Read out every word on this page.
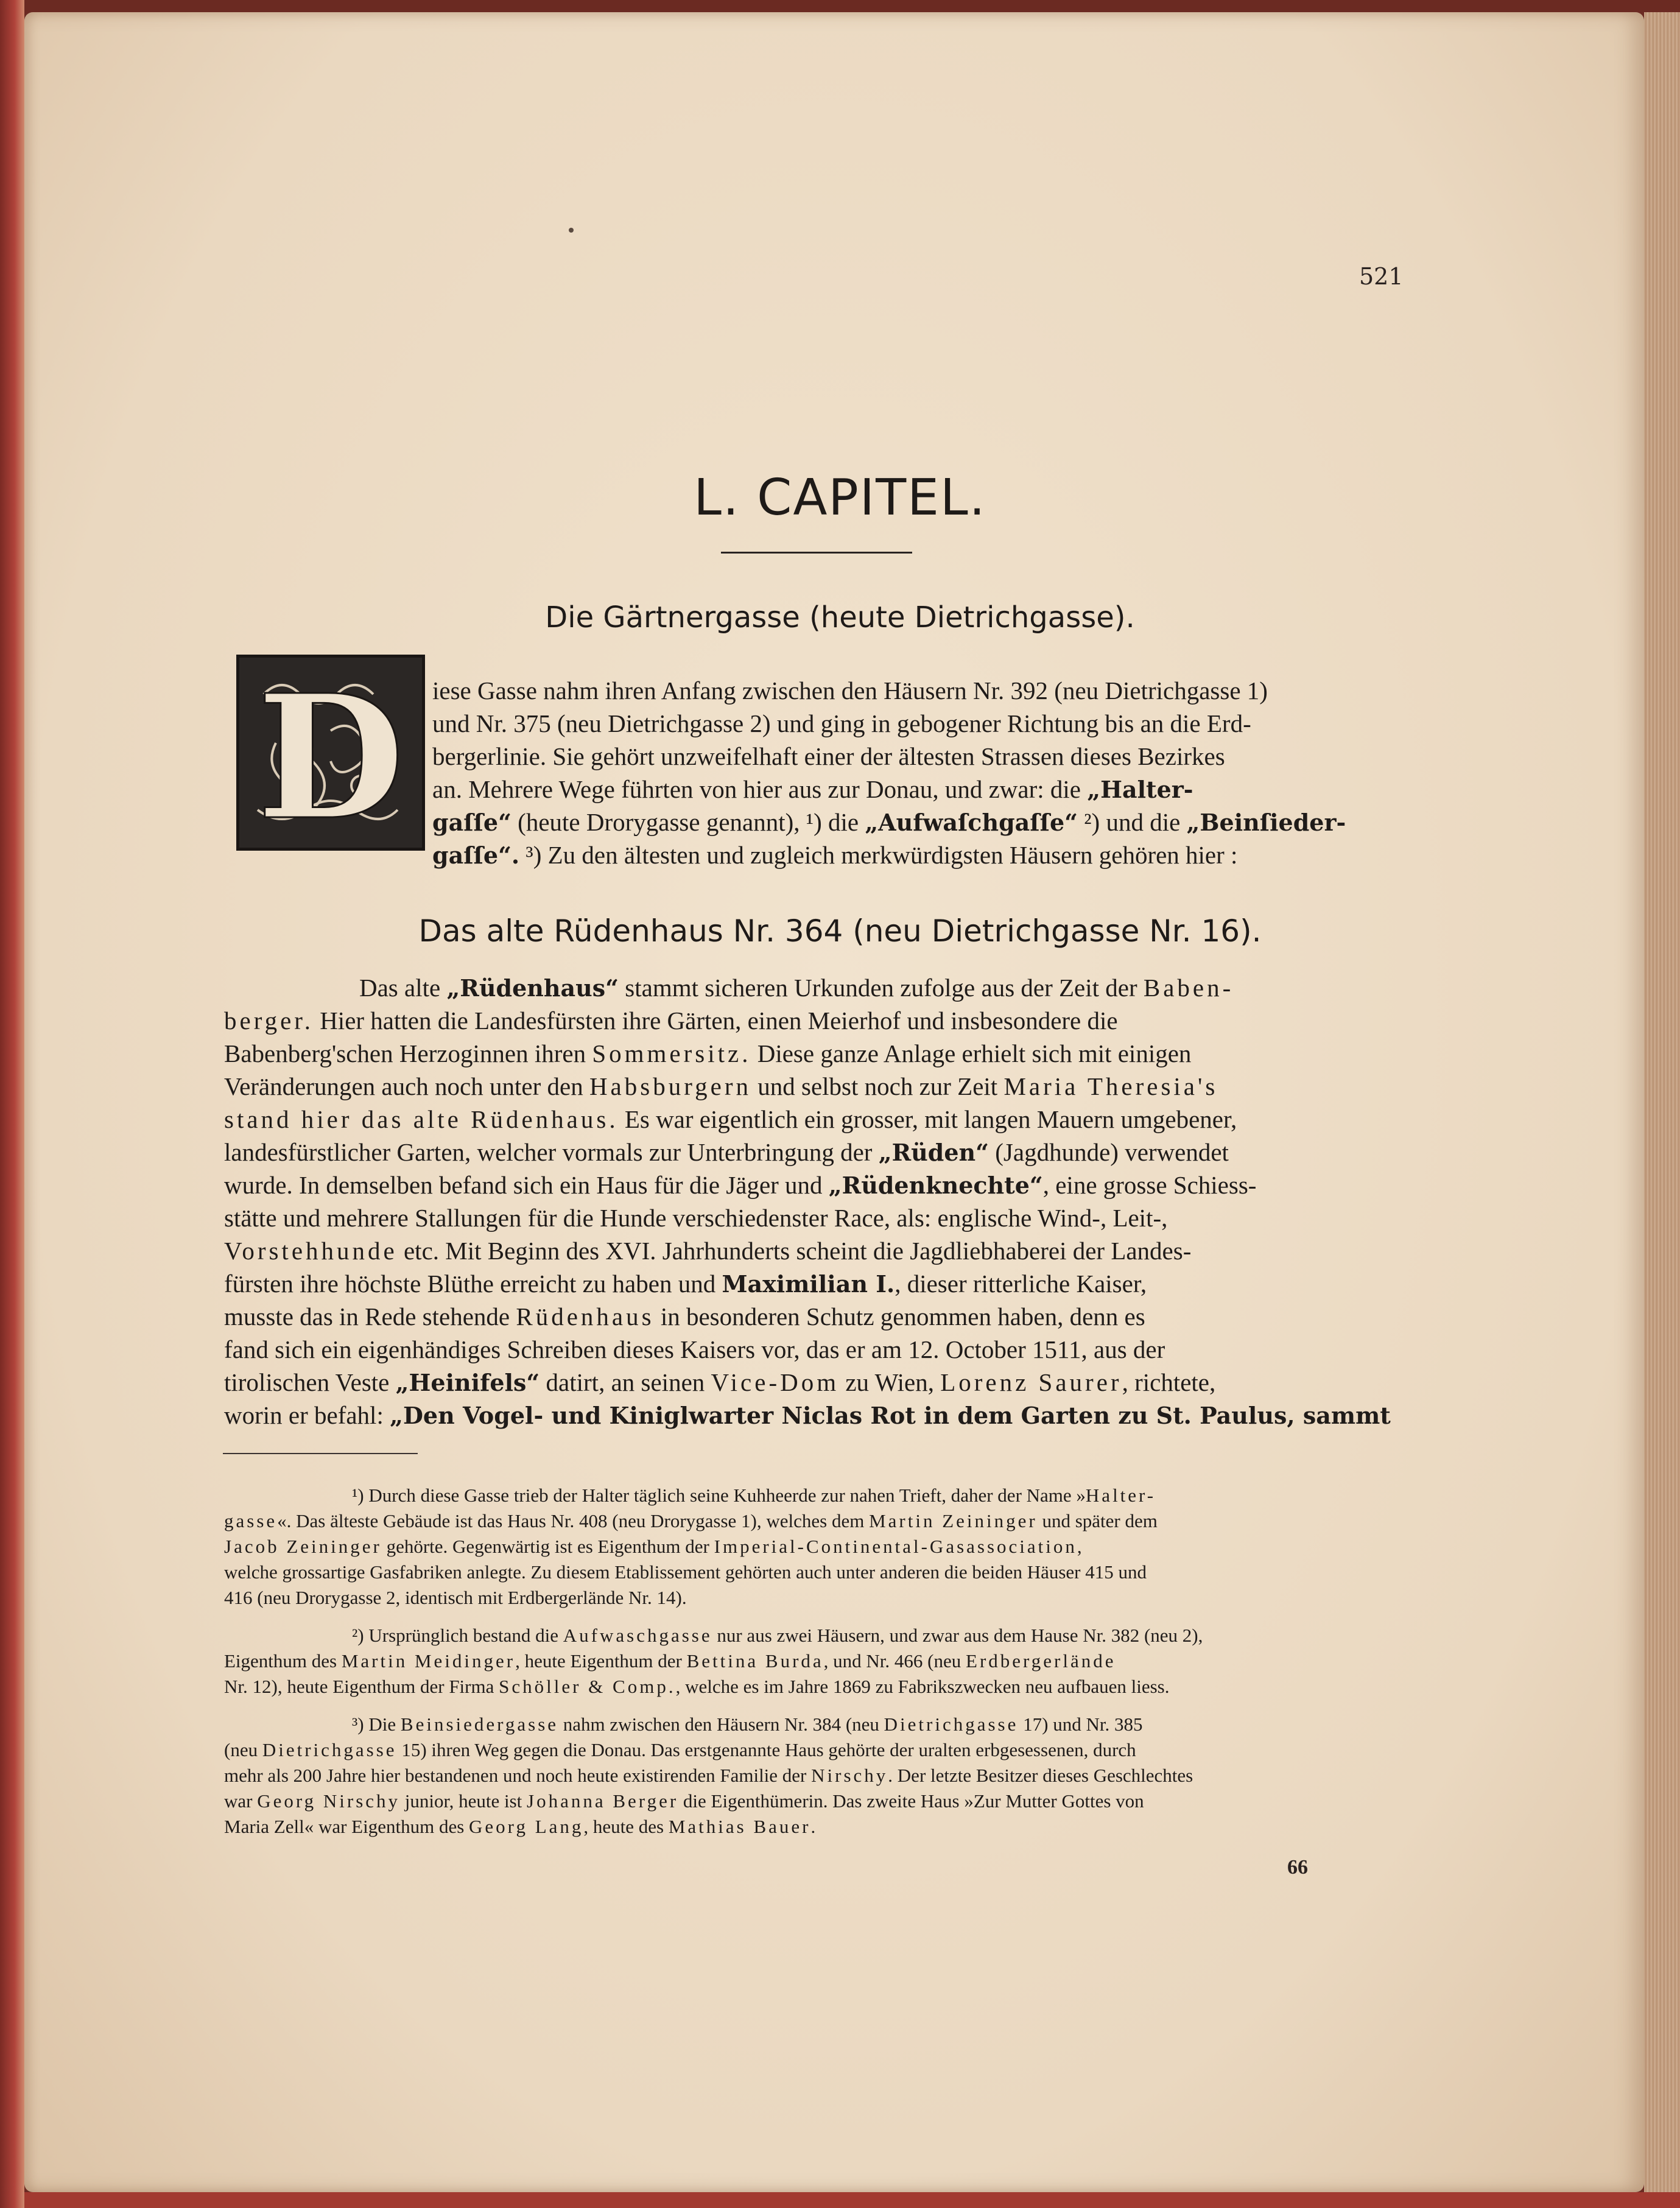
521
L. CAPITEL.
Die Gärtnergasse (heute Dietrichgasse).
D iese Gasse nahm ihren Anfang zwischen den Häusern Nr. 392 (neu Dietrichgasse 1)
und Nr. 375 (neu Dietrichgasse 2) und ging in gebogener Richtung bis an die Erd-
bergerlinie. Sie gehört unzweifelhaft einer der ältesten Strassen dieses Bezirkes
an. Mehrere Wege führten von hier aus zur Donau, und zwar: die „Halter-
gaſſe“ (heute Drorygasse genannt), ¹) die „Aufwaſchgaſſe“ ²) und die „Beinſieder-
gaſſe“. ³) Zu den ältesten und zugleich merkwürdigsten Häusern gehören hier :
Das alte Rüdenhaus Nr. 364 (neu Dietrichgasse Nr. 16).
Das alte „Rüdenhaus“ stammt sicheren Urkunden zufolge aus der Zeit der Baben-
berger. Hier hatten die Landesfürsten ihre Gärten, einen Meierhof und insbesondere die
Babenberg'schen Herzoginnen ihren Sommersitz. Diese ganze Anlage erhielt sich mit einigen
Veränderungen auch noch unter den Habsburgern und selbst noch zur Zeit Maria Theresia's
stand hier das alte Rüdenhaus. Es war eigentlich ein grosser, mit langen Mauern umgebener,
landesfürstlicher Garten, welcher vormals zur Unterbringung der „Rüden“ (Jagdhunde) verwendet
wurde. In demselben befand sich ein Haus für die Jäger und „Rüdenknechte“, eine grosse Schiess-
stätte und mehrere Stallungen für die Hunde verschiedenster Race, als: englische Wind-, Leit-,
Vorstehhunde etc. Mit Beginn des XVI. Jahrhunderts scheint die Jagdliebhaberei der Landes-
fürsten ihre höchste Blüthe erreicht zu haben und Maximilian I., dieser ritterliche Kaiser,
musste das in Rede stehende Rüdenhaus in besonderen Schutz genommen haben, denn es
fand sich ein eigenhändiges Schreiben dieses Kaisers vor, das er am 12. October 1511, aus der
tirolischen Veste „Heinifels“ datirt, an seinen Vice-Dom zu Wien, Lorenz Saurer, richtete,
worin er befahl: „Den Vogel- und Kiniglwarter Niclas Rot in dem Garten zu St. Paulus, sammt
¹) Durch diese Gasse trieb der Halter täglich seine Kuhheerde zur nahen Trieft, daher der Name »Halter-
gasse«. Das älteste Gebäude ist das Haus Nr. 408 (neu Drorygasse 1), welches dem Martin Zeininger und später dem
Jacob Zeininger gehörte. Gegenwärtig ist es Eigenthum der Imperial-Continental-Gasassociation,
welche grossartige Gasfabriken anlegte. Zu diesem Etablissement gehörten auch unter anderen die beiden Häuser 415 und
416 (neu Drorygasse 2, identisch mit Erdbergerlände Nr. 14).
²) Ursprünglich bestand die Aufwaschgasse nur aus zwei Häusern, und zwar aus dem Hause Nr. 382 (neu 2),
Eigenthum des Martin Meidinger, heute Eigenthum der Bettina Burda, und Nr. 466 (neu Erdbergerlände
Nr. 12), heute Eigenthum der Firma Schöller & Comp., welche es im Jahre 1869 zu Fabrikszwecken neu aufbauen liess.
³) Die Beinsiedergasse nahm zwischen den Häusern Nr. 384 (neu Dietrichgasse 17) und Nr. 385
(neu Dietrichgasse 15) ihren Weg gegen die Donau. Das erstgenannte Haus gehörte der uralten erbgesessenen, durch
mehr als 200 Jahre hier bestandenen und noch heute existirenden Familie der Nirschy. Der letzte Besitzer dieses Geschlechtes
war Georg Nirschy junior, heute ist Johanna Berger die Eigenthümerin. Das zweite Haus »Zur Mutter Gottes von
Maria Zell« war Eigenthum des Georg Lang, heute des Mathias Bauer.
66
